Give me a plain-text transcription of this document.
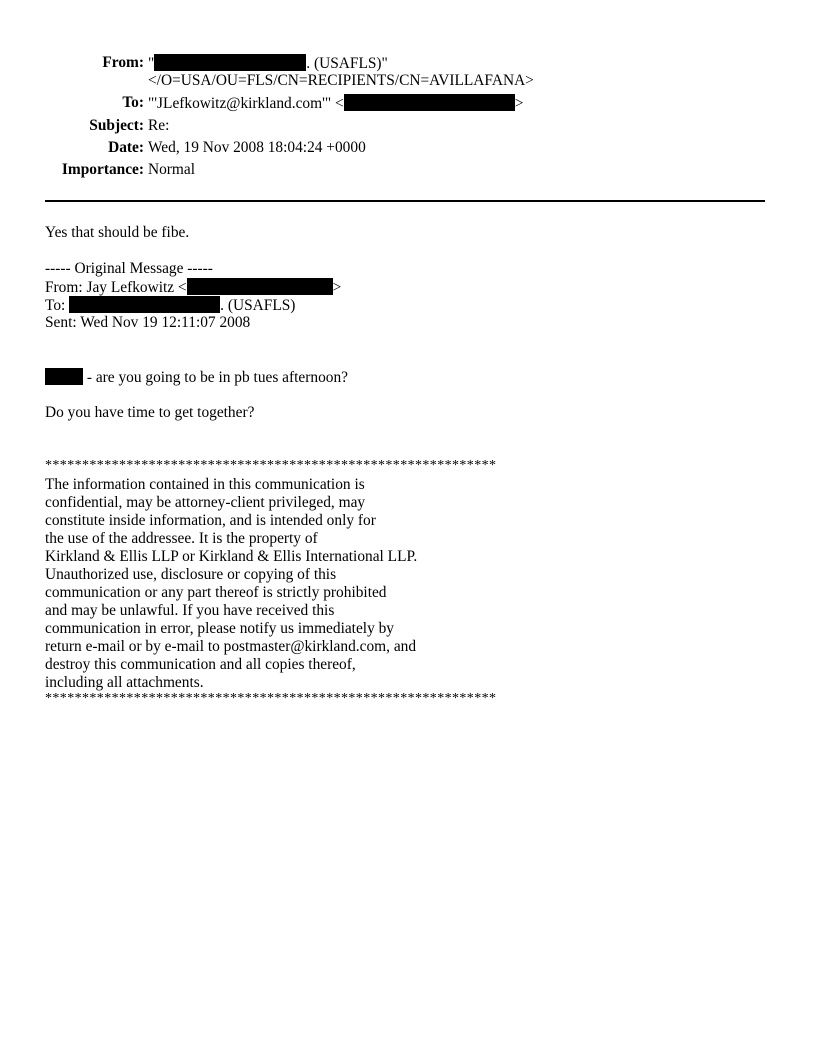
From: "	. (USAFLS)"
</O=USA/OU=FLS/CN=RECIPIENTS/CN=AVILLAFANA>
To: "'JLefkowitz@kirkland.com'" <	>
Subject: Re:
Date: Wed, 19 Nov 2008 18:04:24 +0000
Importance: Normal
Yes that should be fibe.
----- Original Message -----
From: Jay Lefkowitz <	>
To:	. (USAFLS)
Sent: Wed Nov 19 12:11:07 2008
- are you going to be in pb tues afternoon?
Do you have time to get together?
*************************************************************
The information contained in this communication is
confidential, may be attorney-client privileged, may
constitute inside information, and is intended only for
the use of the addressee. It is the property of
Kirkland & Ellis LLP or Kirkland & Ellis International LLP.
Unauthorized use, disclosure or copying of this
communication or any part thereof is strictly prohibited
and may be unlawful. If you have received this
communication in error, please notify us immediately by
return e-mail or by e-mail to postmaster@kirkland.com, and
destroy this communication and all copies thereof,
including all attachments.
*************************************************************
